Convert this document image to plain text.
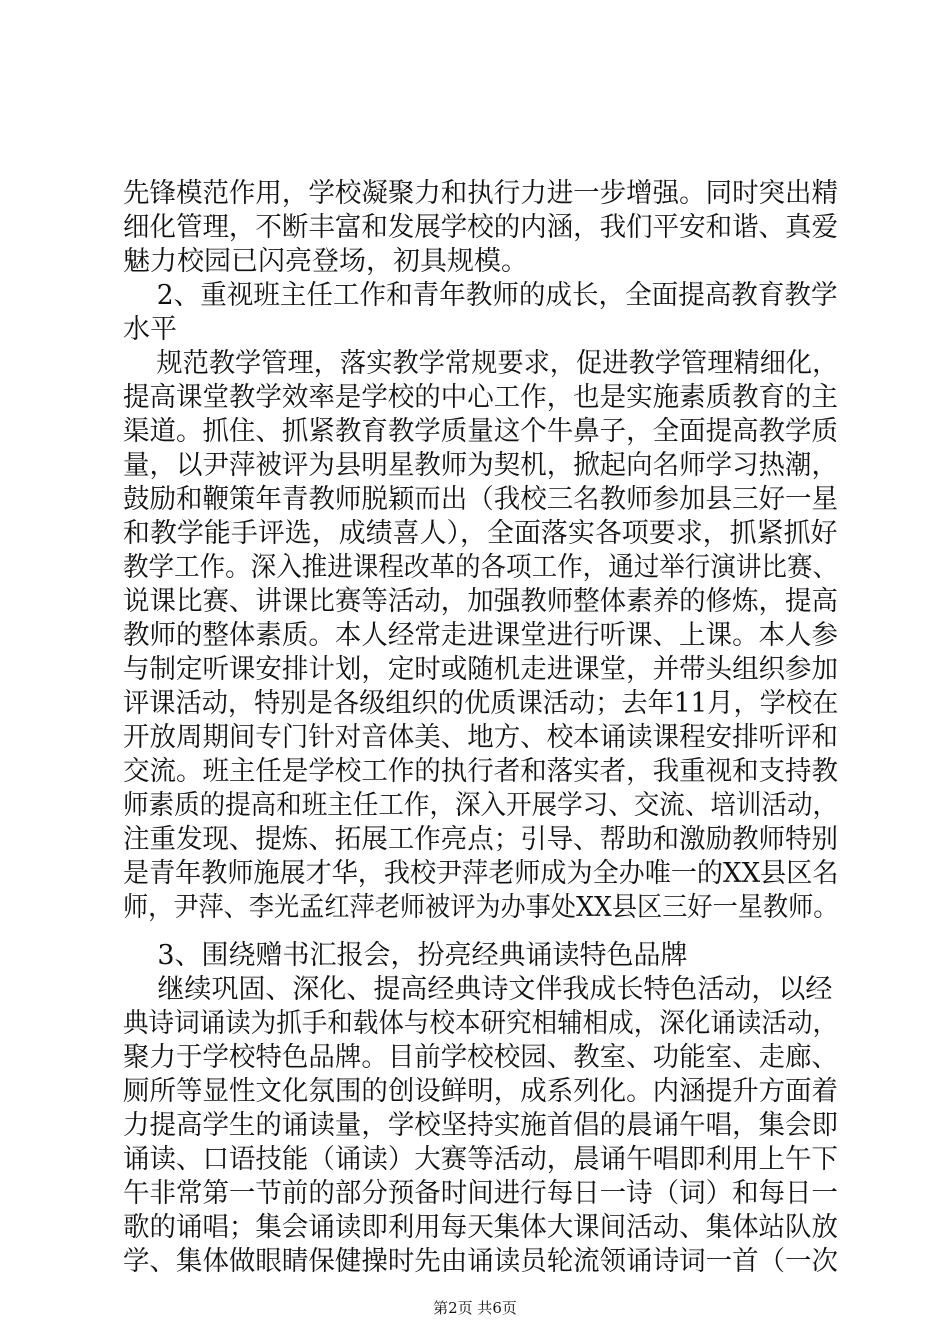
先锋模范作用，学校凝聚力和执行力进一步增强。同时突出精
细化管理，不断丰富和发展学校的内涵，我们平安和谐、真爱
魅力校园已闪亮登场，初具规模。
2、重视班主任工作和青年教师的成长，全面提高教育教学
水平
规范教学管理，落实教学常规要求，促进教学管理精细化，
提高课堂教学效率是学校的中心工作，也是实施素质教育的主
渠道。抓住、抓紧教育教学质量这个牛鼻子，全面提高教学质
量，以尹萍被评为县明星教师为契机，掀起向名师学习热潮，
鼓励和鞭策年青教师脱颖而出（我校三名教师参加县三好一星
和教学能手评选，成绩喜人），全面落实各项要求，抓紧抓好
教学工作。深入推进课程改革的各项工作，通过举行演讲比赛、
说课比赛、讲课比赛等活动，加强教师整体素养的修炼，提高
教师的整体素质。本人经常走进课堂进行听课、上课。本人参
与制定听课安排计划，定时或随机走进课堂，并带头组织参加
评课活动，特别是各级组织的优质课活动；去年11月，学校在
开放周期间专门针对音体美、地方、校本诵读课程安排听评和
交流。班主任是学校工作的执行者和落实者，我重视和支持教
师素质的提高和班主任工作，深入开展学习、交流、培训活动，
注重发现、提炼、拓展工作亮点；引导、帮助和激励教师特别
是青年教师施展才华，我校尹萍老师成为全办唯一的XX县区名
师，尹萍、李光孟红萍老师被评为办事处XX县区三好一星教师。
3、围绕赠书汇报会，扮亮经典诵读特色品牌
继续巩固、深化、提高经典诗文伴我成长特色活动，以经
典诗词诵读为抓手和载体与校本研究相辅相成，深化诵读活动，
聚力于学校特色品牌。目前学校校园、教室、功能室、走廊、
厕所等显性文化氛围的创设鲜明，成系列化。内涵提升方面着
力提高学生的诵读量，学校坚持实施首倡的晨诵午唱，集会即
诵读、口语技能（诵读）大赛等活动，晨诵午唱即利用上午下
午非常第一节前的部分预备时间进行每日一诗（词）和每日一
歌的诵唱；集会诵读即利用每天集体大课间活动、集体站队放
学、集体做眼睛保健操时先由诵读员轮流领诵诗词一首（一次
第2页 共6页
